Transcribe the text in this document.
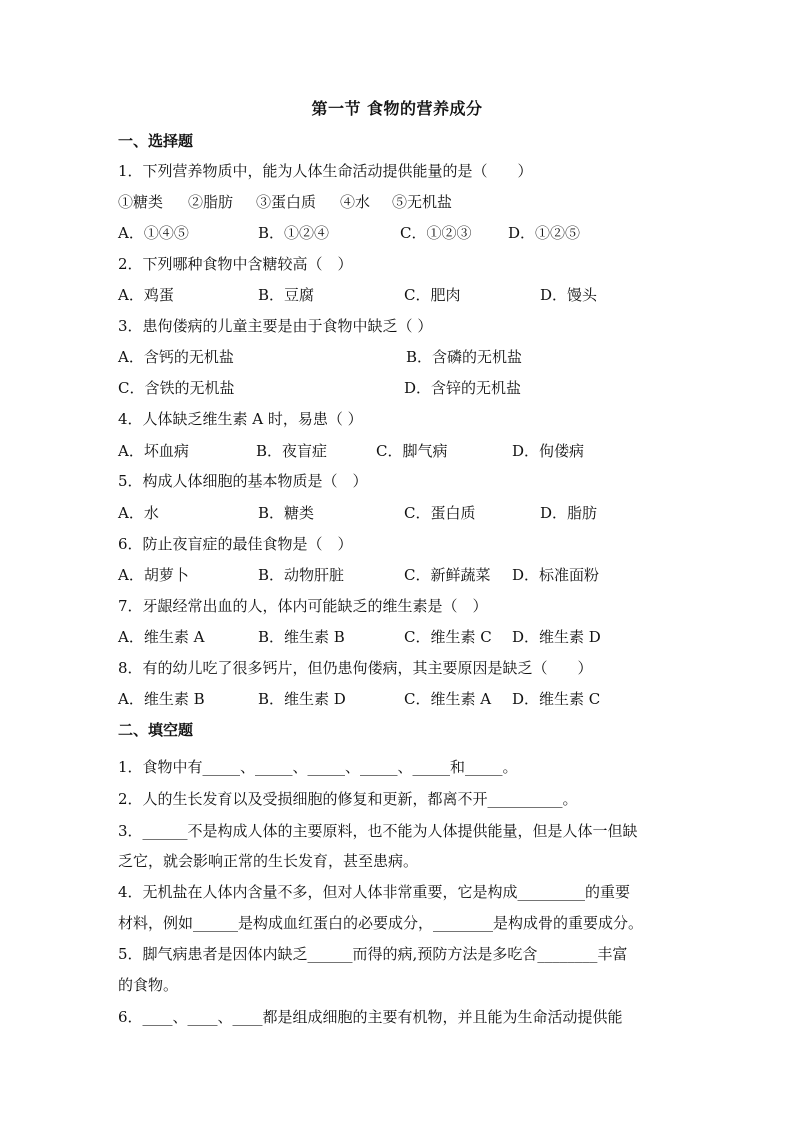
第一节 食物的营养成分
一、选择题
1．下列营养物质中，能为人体生命活动提供能量的是（　　）
①糖类 ②脂肪 ③蛋白质 ④水 ⑤无机盐
A．①④⑤	B．①②④	C．①②③ D．①②⑤
2．下列哪种食物中含糖较高（　）
A．鸡蛋	B．豆腐	C．肥肉	D．馒头
3．患佝偻病的儿童主要是由于食物中缺乏（ ）
A．含钙的无机盐	B．含磷的无机盐
C．含铁的无机盐	D．含锌的无机盐
4．人体缺乏维生素 A 时，易患（ ）
A．坏血病	B．夜盲症	C．脚气病	D．佝偻病
5．构成人体细胞的基本物质是（　）
A．水	B．糖类	C．蛋白质	D．脂肪
6．防止夜盲症的最佳食物是（　）
A．胡萝卜	B．动物肝脏	C．新鲜蔬菜 D．标准面粉
7．牙龈经常出血的人，体内可能缺乏的维生素是（　）
A．维生素 A	B．维生素 B	C．维生素 C D．维生素 D
8．有的幼儿吃了很多钙片，但仍患佝偻病，其主要原因是缺乏（　　）
A．维生素 B	B．维生素 D	C．维生素 A D．维生素 C
二、填空题
1．食物中有_____、_____、_____、_____、_____和_____。
2．人的生长发育以及受损细胞的修复和更新，都离不开__________。
3．______不是构成人体的主要原料，也不能为人体提供能量，但是人体一但缺
乏它，就会影响正常的生长发育，甚至患病。
4．无机盐在人体内含量不多，但对人体非常重要，它是构成_________的重要
材料，例如______是构成血红蛋白的必要成分，________是构成骨的重要成分。
5．脚气病患者是因体内缺乏______而得的病,预防方法是多吃含________丰富
的食物。
6．____、____、____都是组成细胞的主要有机物，并且能为生命活动提供能
